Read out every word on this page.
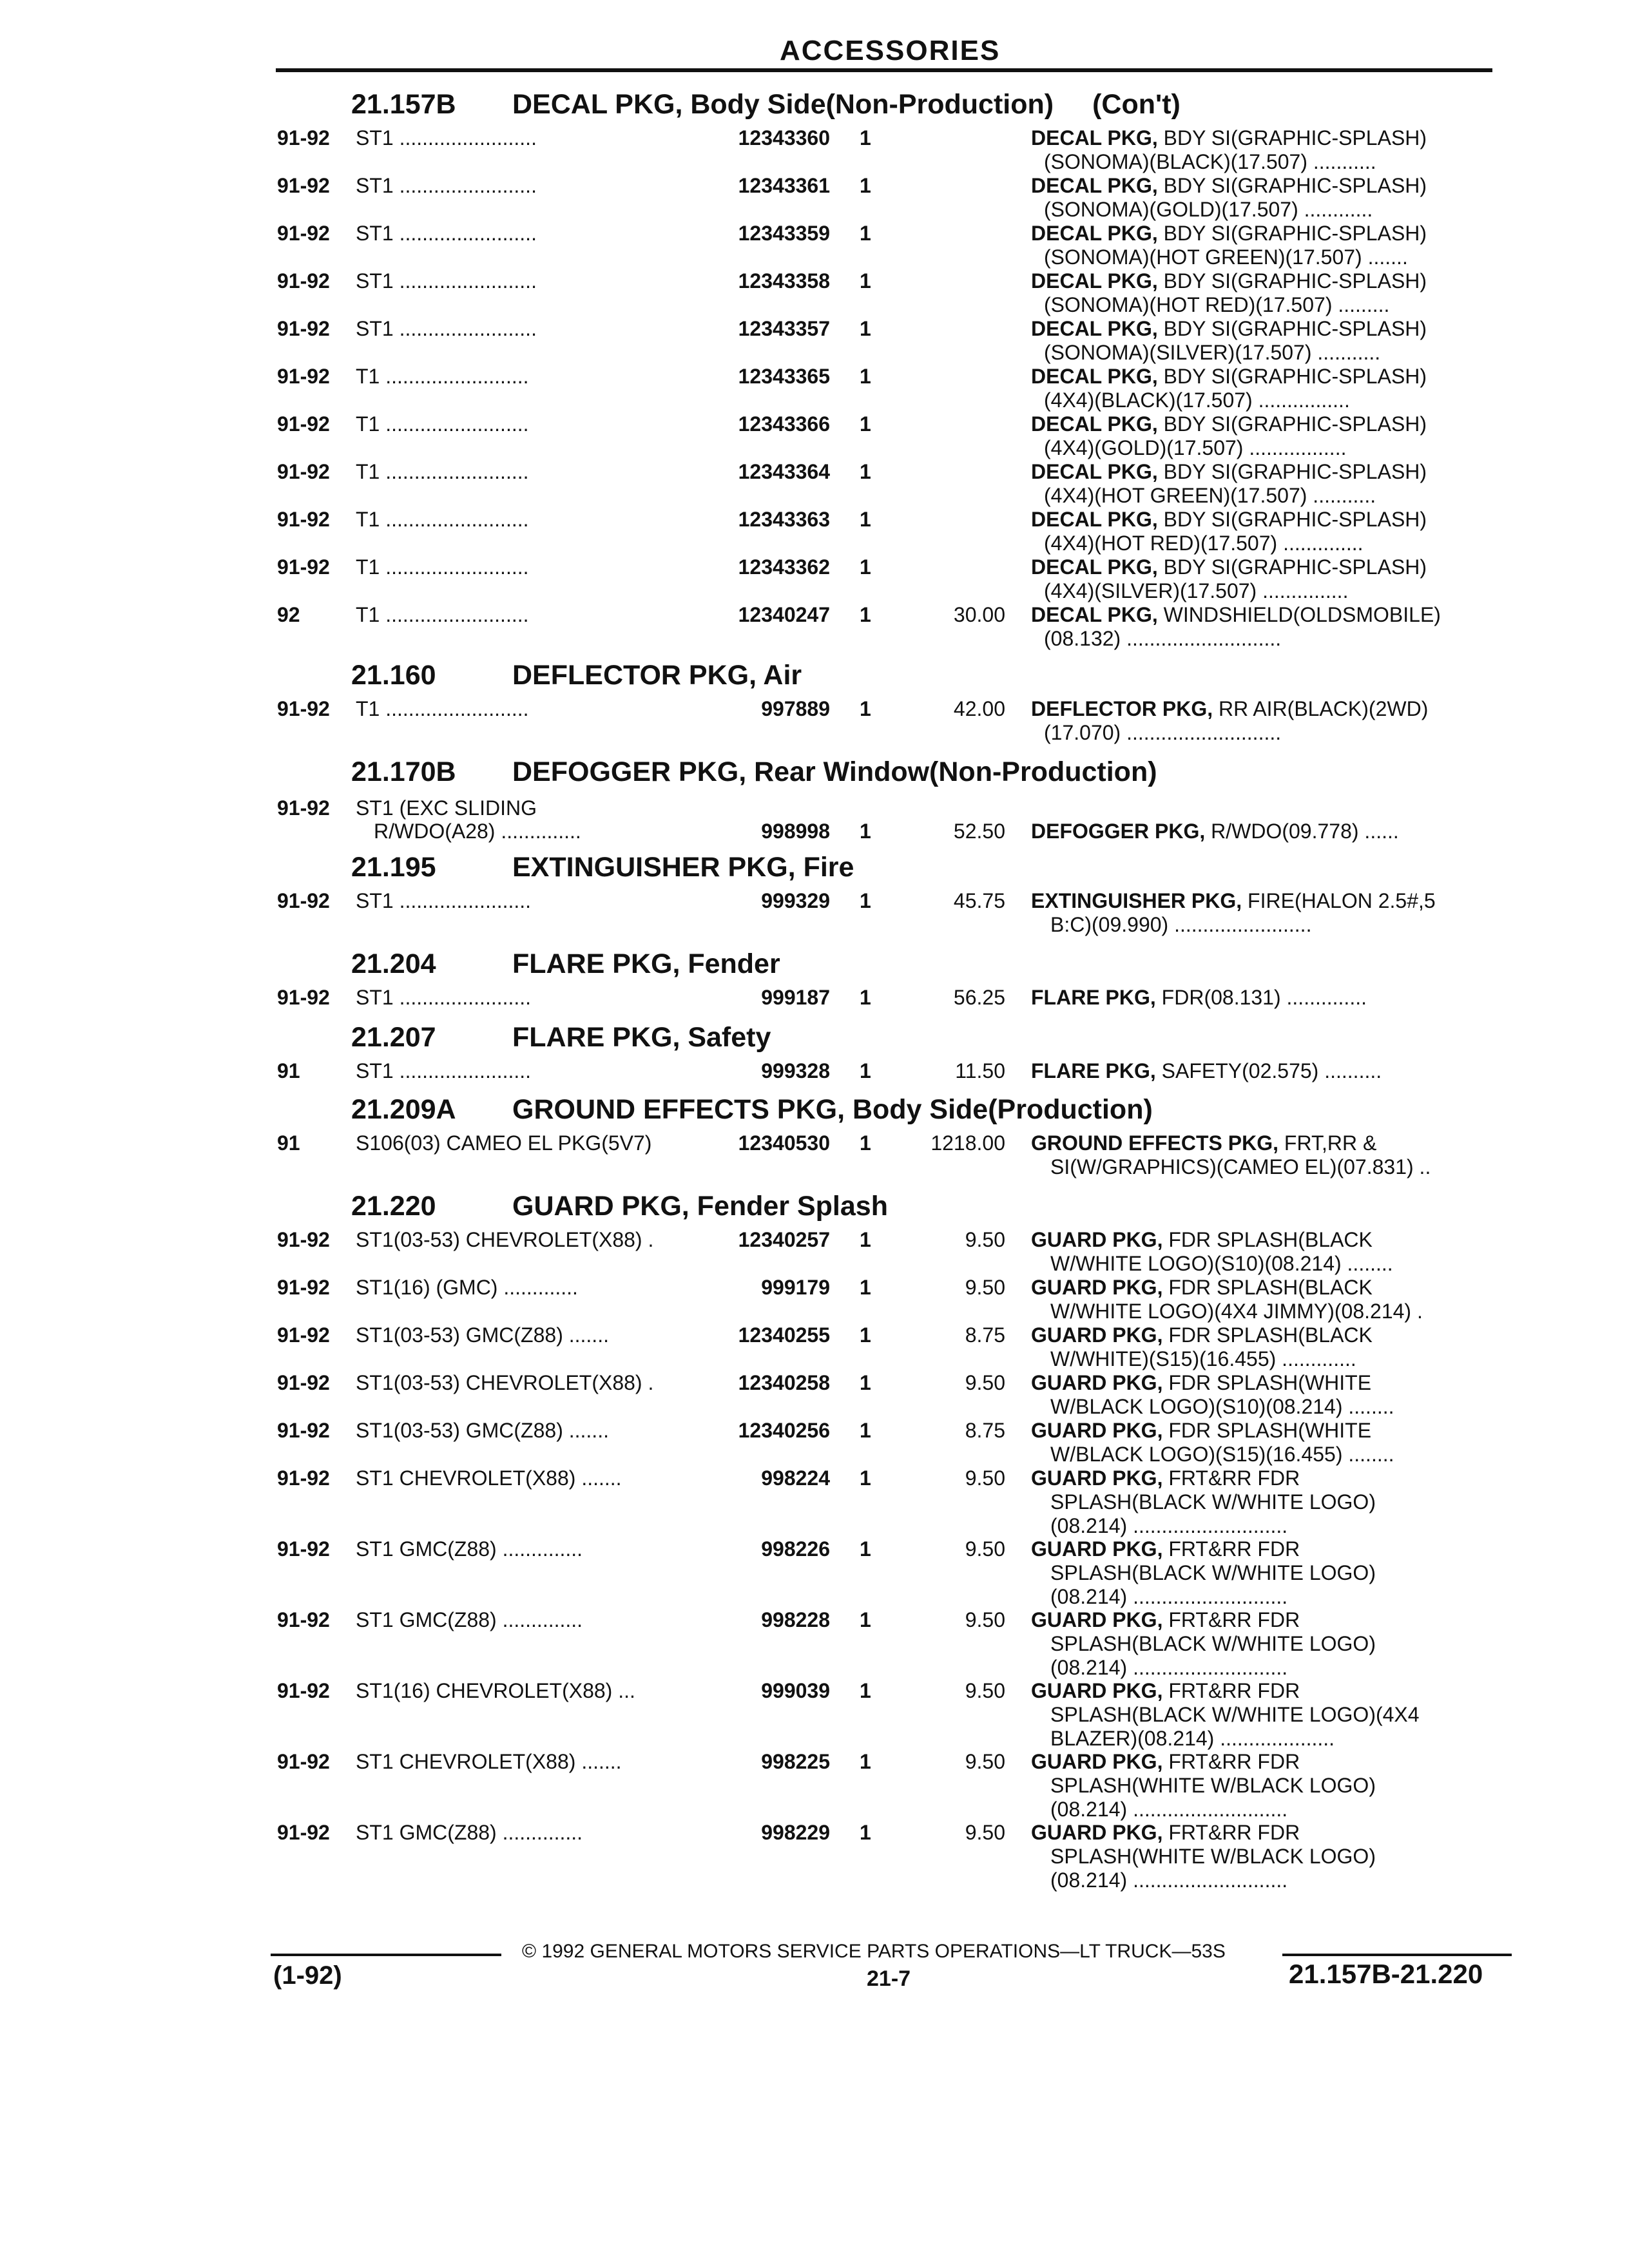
ACCESSORIES
21.157B DECAL PKG, Body Side(Non-Production) (Con't)
91-92 ST1 ........................	12343360 1	DECAL PKG, BDY SI(GRAPHIC-SPLASH)
(SONOMA)(BLACK)(17.507) ...........
91-92 ST1 ........................	12343361 1	DECAL PKG, BDY SI(GRAPHIC-SPLASH)
(SONOMA)(GOLD)(17.507) ............
91-92 ST1 ........................	12343359 1	DECAL PKG, BDY SI(GRAPHIC-SPLASH)
(SONOMA)(HOT GREEN)(17.507) .......
91-92 ST1 ........................	12343358 1	DECAL PKG, BDY SI(GRAPHIC-SPLASH)
(SONOMA)(HOT RED)(17.507) .........
91-92 ST1 ........................	12343357 1	DECAL PKG, BDY SI(GRAPHIC-SPLASH)
(SONOMA)(SILVER)(17.507) ...........
91-92 T1 .........................	12343365 1	DECAL PKG, BDY SI(GRAPHIC-SPLASH)
(4X4)(BLACK)(17.507) ................
91-92 T1 .........................	12343366 1	DECAL PKG, BDY SI(GRAPHIC-SPLASH)
(4X4)(GOLD)(17.507) .................
91-92 T1 .........................	12343364 1	DECAL PKG, BDY SI(GRAPHIC-SPLASH)
(4X4)(HOT GREEN)(17.507) ...........
91-92 T1 .........................	12343363 1	DECAL PKG, BDY SI(GRAPHIC-SPLASH)
(4X4)(HOT RED)(17.507) ..............
91-92 T1 .........................	12343362 1	DECAL PKG, BDY SI(GRAPHIC-SPLASH)
(4X4)(SILVER)(17.507) ...............
92	T1 .........................	12340247 1	30.00 DECAL PKG, WINDSHIELD(OLDSMOBILE)
(08.132) ...........................
21.160	DEFLECTOR PKG, Air
91-92 T1 .........................	997889 1	42.00 DEFLECTOR PKG, RR AIR(BLACK)(2WD)
(17.070) ...........................
21.170B DEFOGGER PKG, Rear Window(Non-Production)
91-92 ST1 (EXC SLIDING
R/WDO(A28) ..............	998998 1	52.50 DEFOGGER PKG, R/WDO(09.778) ......
21.195	EXTINGUISHER PKG, Fire
91-92 ST1 .......................	999329 1	45.75 EXTINGUISHER PKG, FIRE(HALON 2.5#,5
B:C)(09.990) ........................
21.204	FLARE PKG, Fender
91-92 ST1 .......................	999187 1	56.25 FLARE PKG, FDR(08.131) ..............
21.207	FLARE PKG, Safety
91	ST1 .......................	999328 1	11.50 FLARE PKG, SAFETY(02.575) ..........
21.209A GROUND EFFECTS PKG, Body Side(Production)
91	S106(03) CAMEO EL PKG(5V7)	12340530 1	1218.00 GROUND EFFECTS PKG, FRT,RR &
SI(W/GRAPHICS)(CAMEO EL)(07.831) ..
21.220	GUARD PKG, Fender Splash
91-92 ST1(03-53) CHEVROLET(X88) .	12340257 1	9.50 GUARD PKG, FDR SPLASH(BLACK
W/WHITE LOGO)(S10)(08.214) ........
91-92 ST1(16) (GMC) .............	999179 1	9.50 GUARD PKG, FDR SPLASH(BLACK
W/WHITE LOGO)(4X4 JIMMY)(08.214) .
91-92 ST1(03-53) GMC(Z88) .......	12340255 1	8.75 GUARD PKG, FDR SPLASH(BLACK
W/WHITE)(S15)(16.455) .............
91-92 ST1(03-53) CHEVROLET(X88) .	12340258 1	9.50 GUARD PKG, FDR SPLASH(WHITE
W/BLACK LOGO)(S10)(08.214) ........
91-92 ST1(03-53) GMC(Z88) .......	12340256 1	8.75 GUARD PKG, FDR SPLASH(WHITE
W/BLACK LOGO)(S15)(16.455) ........
91-92 ST1 CHEVROLET(X88) .......	998224 1	9.50 GUARD PKG, FRT&RR FDR
SPLASH(BLACK W/WHITE LOGO)
(08.214) ...........................
91-92 ST1 GMC(Z88) ..............	998226 1	9.50 GUARD PKG, FRT&RR FDR
SPLASH(BLACK W/WHITE LOGO)
(08.214) ...........................
91-92 ST1 GMC(Z88) ..............	998228 1	9.50 GUARD PKG, FRT&RR FDR
SPLASH(BLACK W/WHITE LOGO)
(08.214) ...........................
91-92 ST1(16) CHEVROLET(X88) ...	999039 1	9.50 GUARD PKG, FRT&RR FDR
SPLASH(BLACK W/WHITE LOGO)(4X4
BLAZER)(08.214) ....................
91-92 ST1 CHEVROLET(X88) .......	998225 1	9.50 GUARD PKG, FRT&RR FDR
SPLASH(WHITE W/BLACK LOGO)
(08.214) ...........................
91-92 ST1 GMC(Z88) ..............	998229 1	9.50 GUARD PKG, FRT&RR FDR
SPLASH(WHITE W/BLACK LOGO)
(08.214) ...........................
© 1992 GENERAL MOTORS SERVICE PARTS OPERATIONS—LT TRUCK—53S
(1-92)	21-7	21.157B-21.220
